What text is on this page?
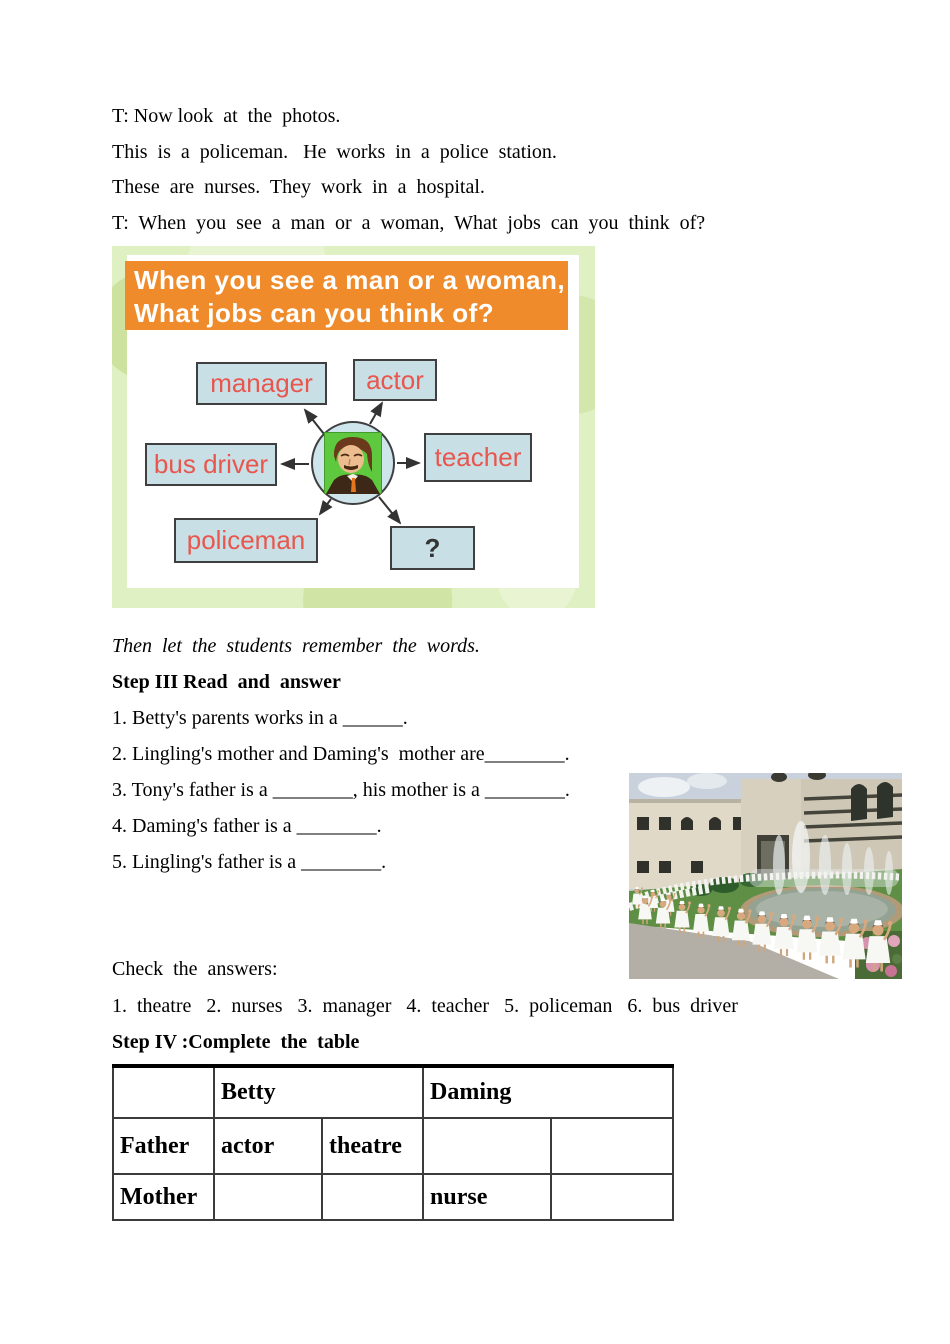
T: Now look  at  the  photos.
This  is  a  policeman.   He  works  in  a  police  station.
These  are  nurses.  They  work  in  a  hospital.
T:  When  you  see  a  man  or  a  woman,  What  jobs  can  you  think  of?
When you see a man or a woman,
What jobs can you think of?
manager	actor
bus driver	teacher
policeman	?
Then  let  the  students  remember  the  words.
Step III Read  and  answer
1. Betty's parents works in a ______.
2. Lingling's mother and Daming's  mother are________.
3. Tony's father is a ________, his mother is a ________.
4. Daming's father is a ________.
5. Lingling's father is a ________.
Check  the  answers:
1.  theatre   2.  nurses   3.  manager   4.  teacher   5.  policeman   6.  bus  driver
Step IV :Complete  the  table
	Betty		Daming	
Father	actor	theatre		
Mother			nurse	
